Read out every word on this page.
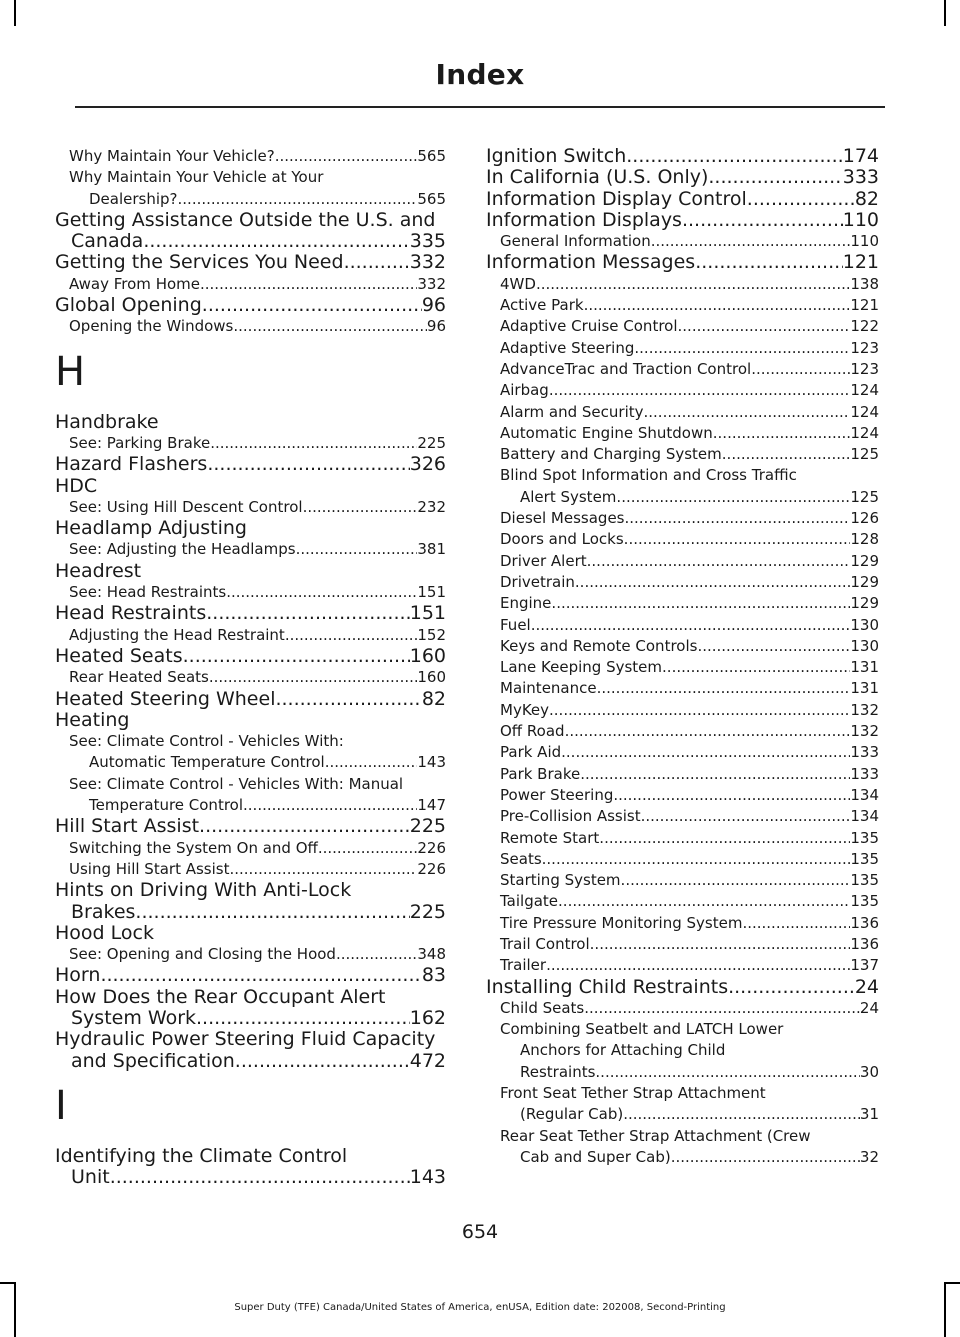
Index
Why Maintain Your Vehicle? .....	565
Why Maintain Your Vehicle at Your
Dealership? .....	565
Getting Assistance Outside the U.S. and
Canada .....	335
Getting the Services You Need .....	332
Away From Home .....	332
Global Opening .....	96
Opening the Windows .....	96
H
Handbrake
See: Parking Brake .....	225
Hazard Flashers .....	326
HDC
See: Using Hill Descent Control .....	232
Headlamp Adjusting
See: Adjusting the Headlamps .....	381
Headrest
See: Head Restraints .....	151
Head Restraints .....	151
Adjusting the Head Restraint .....	152
Heated Seats .....	160
Rear Heated Seats .....	160
Heated Steering Wheel .....	82
Heating
See: Climate Control - Vehicles With:
Automatic Temperature Control .....	143
See: Climate Control - Vehicles With: Manual
Temperature Control .....	147
Hill Start Assist .....	225
Switching the System On and Off .....	226
Using Hill Start Assist .....	226
Hints on Driving With Anti-Lock
Brakes .....	225
Hood Lock
See: Opening and Closing the Hood .....	348
Horn .....	83
How Does the Rear Occupant Alert
System Work .....	162
Hydraulic Power Steering Fluid Capacity
and Specification .....	472
I
Identifying the Climate Control
Unit .....	143
Ignition Switch .....	174
In California (U.S. Only) .....	333
Information Display Control .....	82
Information Displays .....	110
General Information .....	110
Information Messages .....	121
4WD .....	138
Active Park .....	121
Adaptive Cruise Control .....	122
Adaptive Steering .....	123
AdvanceTrac and Traction Control .....	123
Airbag .....	124
Alarm and Security .....	124
Automatic Engine Shutdown .....	124
Battery and Charging System .....	125
Blind Spot Information and Cross Traffic
Alert System .....	125
Diesel Messages .....	126
Doors and Locks .....	128
Driver Alert .....	129
Drivetrain .....	129
Engine .....	129
Fuel .....	130
Keys and Remote Controls .....	130
Lane Keeping System .....	131
Maintenance .....	131
MyKey .....	132
Off Road .....	132
Park Aid .....	133
Park Brake .....	133
Power Steering .....	134
Pre-Collision Assist .....	134
Remote Start .....	135
Seats .....	135
Starting System .....	135
Tailgate .....	135
Tire Pressure Monitoring System .....	136
Trail Control .....	136
Trailer .....	137
Installing Child Restraints .....	24
Child Seats .....	24
Combining Seatbelt and LATCH Lower
Anchors for Attaching Child
Restraints .....	30
Front Seat Tether Strap Attachment
(Regular Cab) .....	31
Rear Seat Tether Strap Attachment (Crew
Cab and Super Cab) .....	32
654
Super Duty (TFE) Canada/United States of America, enUSA, Edition date: 202008, Second-Printing
